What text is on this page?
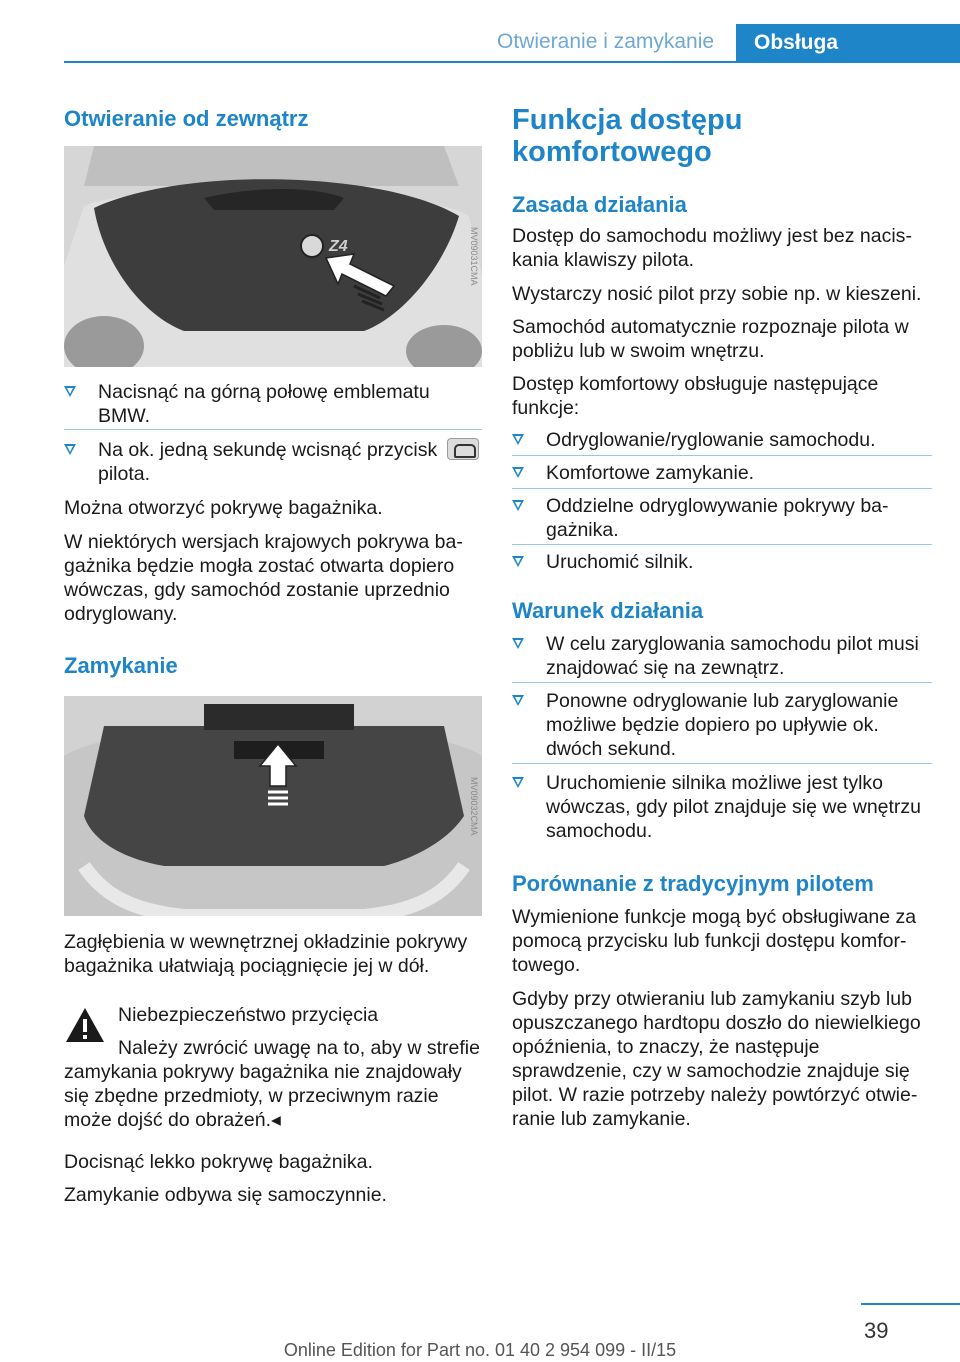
Otwieranie i zamykanie Obsługa
Otwieranie od zewnątrz
Z4	MV09031CMA
Nacisnąć na górną połowę emblematu BMW.
Na ok. jedną sekundę wcisnąć przycisk
pilota.
Można otworzyć pokrywę bagażnika.
W niektórych wersjach krajowych pokrywa bagażnika będzie mogła zostać otwarta dopiero wówczas, gdy samochód zostanie uprzednio odryglowany.
Zamykanie
MV09032CMA
Zagłębienia w wewnętrznej okładzinie pokrywy bagażnika ułatwiają pociągnięcie jej w dół.
Niebezpieczeństwo przycięcia
Należy zwrócić uwagę na to, aby w strefie
zamykania pokrywy bagażnika nie znajdowały się zbędne przedmioty, w przeciwnym razie może dojść do obrażeń.◂
Docisnąć lekko pokrywę bagażnika.
Zamykanie odbywa się samoczynnie.
Funkcja dostępu komfortowego
Zasada działania
Dostęp do samochodu możliwy jest bez naciskania klawiszy pilota.
Wystarczy nosić pilot przy sobie np. w kieszeni.
Samochód automatycznie rozpoznaje pilota w pobliżu lub w swoim wnętrzu.
Dostęp komfortowy obsługuje następujące funkcje:
Odryglowanie/ryglowanie samochodu.
Komfortowe zamykanie.
Oddzielne odryglowywanie pokrywy bagażnika.
Uruchomić silnik.
Warunek działania
W celu zaryglowania samochodu pilot musi znajdować się na zewnątrz.
Ponowne odryglowanie lub zaryglowanie możliwe będzie dopiero po upływie ok. dwóch sekund.
Uruchomienie silnika możliwe jest tylko wówczas, gdy pilot znajduje się we wnętrzu samochodu.
Porównanie z tradycyjnym pilotem
Wymienione funkcje mogą być obsługiwane za pomocą przycisku lub funkcji dostępu komfortowego.
Gdyby przy otwieraniu lub zamykaniu szyb lub opuszczanego hardtopu doszło do niewielkiego opóźnienia, to znaczy, że następuje sprawdzenie, czy w samochodzie znajduje się pilot. W razie potrzeby należy powtórzyć otwieranie lub zamykanie.
39
Online Edition for Part no. 01 40 2 954 099 - II/15
